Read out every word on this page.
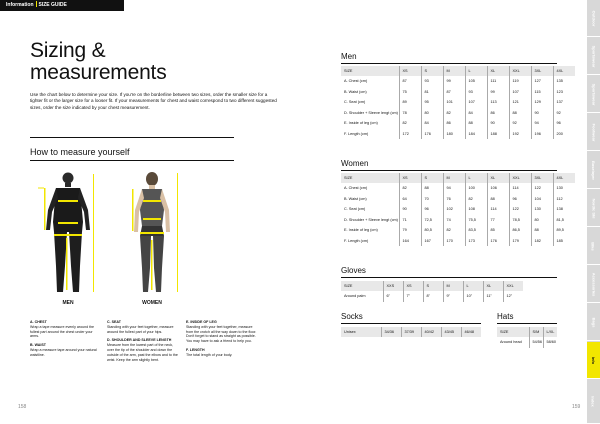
Information SIZE GUIDE
Sizing &
measurements
Use the chart below to determine your size. If you're on the borderline between two sizes, order the smaller size for a tighter fit or the larger size for a looser fit. If your measurements for chest and waist correspond to two different suggested sizes, order the size indicated by your chest measurement.
How to measure yourself
MEN	WOMEN
A. CHEST
Wrap a tape measure evenly around the fullest part around the chest under your arms.
B. WAIST
Wrap a measure tape around your natural waistline.
C. SEAT
Standing with your feet together, measure around the fullest part of your hips.
D. SHOULDER AND SLEEVE LENGTH
Measure from the lowest part of the neck, over the tip of the shoulder and down the outside of the arm, past the elbow and to the wrist. Keep the arm slightly bent.
E. INSIDE OF LEG
Standing with your feet together, measure from the crotch all the way down to the floor. Don't forget to stand as straight as possible. You may have to ask a friend to help you.
F. LENGTH
The total length of your body.
158
Men
SIZE	XS	S	M	L	XL	XXL	3XL	4XL
A. Chest (cm)	87	93	99	105	111	119	127	135
B. Waist (cm)	75	81	87	93	99	107	115	123
C. Seat (cm)	89	95	101	107	113	121	129	137
D. Shoulder + Sleeve lengt (cm)	78	80	82	84	86	88	90	92
E. Inside of leg (cm)	82	84	86	88	90	92	94	96
F. Length (cm)	172	176	180	184	188	192	196	200
Women
SIZE	XS	S	M	L	XL	XXL	3XL	4XL
A. Chest (cm)	82	88	94	100	106	114	122	130
B. Waist (cm)	64	70	76	82	88	96	104	112
C. Seat (cm)	90	96	102	108	114	122	130	138
D. Shoulder + Sleeve lengt (cm)	71	72,5	74	75,5	77	78,5	80	81,5
E. Inside of leg (cm)	79	80,5	82	83,5	85	86,5	88	89,5
F. Length (cm)	164	167	170	173	176	179	182	185
Gloves
SIZE	XXS	XS	S	M	L	XL	XXL
Around palm	6"	7"	8"	9"	10"	11"	12"
Socks
Unisex	34/36	37/39	40/42	43/45	46/48
Hats
SIZE	S/M	L/XL
Around head	54/56	58/60
159
Outdoor
Sportswear
Sportswear
Footwear
Baselayer
Nordic Ski
Bike
Accessories
Bags
Info
Index
